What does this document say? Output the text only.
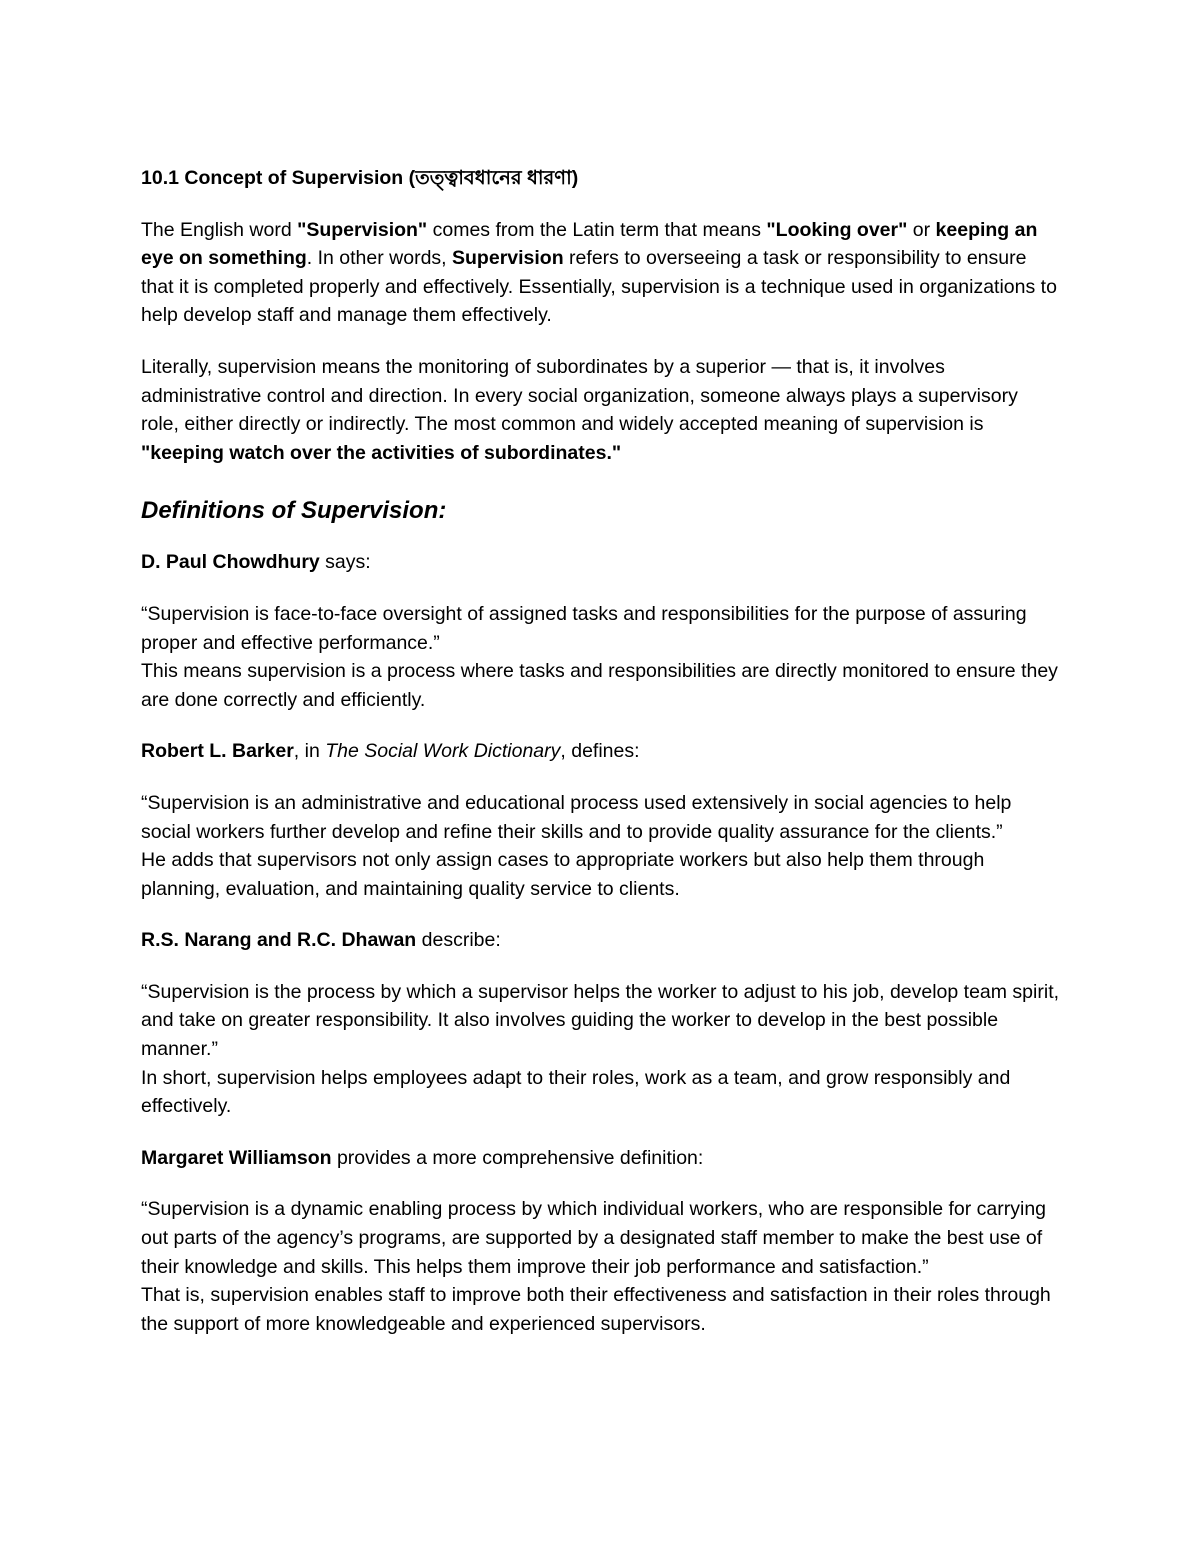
10.1 Concept of Supervision (তত্ত্বাবধানের ধারণা)

The English word "Supervision" comes from the Latin term that means "Looking over" or keeping an eye on something. In other words, Supervision refers to overseeing a task or responsibility to ensure that it is completed properly and effectively. Essentially, supervision is a technique used in organizations to help develop staff and manage them effectively.

Literally, supervision means the monitoring of subordinates by a superior — that is, it involves administrative control and direction. In every social organization, someone always plays a supervisory role, either directly or indirectly. The most common and widely accepted meaning of supervision is "keeping watch over the activities of subordinates."

Definitions of Supervision:

D. Paul Chowdhury says:

“Supervision is face-to-face oversight of assigned tasks and responsibilities for the purpose of assuring proper and effective performance.”
This means supervision is a process where tasks and responsibilities are directly monitored to ensure they are done correctly and efficiently.

Robert L. Barker, in The Social Work Dictionary, defines:

“Supervision is an administrative and educational process used extensively in social agencies to help social workers further develop and refine their skills and to provide quality assurance for the clients.”
He adds that supervisors not only assign cases to appropriate workers but also help them through planning, evaluation, and maintaining quality service to clients.

R.S. Narang and R.C. Dhawan describe:

“Supervision is the process by which a supervisor helps the worker to adjust to his job, develop team spirit, and take on greater responsibility. It also involves guiding the worker to develop in the best possible manner.”
In short, supervision helps employees adapt to their roles, work as a team, and grow responsibly and effectively.

Margaret Williamson provides a more comprehensive definition:

“Supervision is a dynamic enabling process by which individual workers, who are responsible for carrying out parts of the agency’s programs, are supported by a designated staff member to make the best use of their knowledge and skills. This helps them improve their job performance and satisfaction.”
That is, supervision enables staff to improve both their effectiveness and satisfaction in their roles through the support of more knowledgeable and experienced supervisors.
